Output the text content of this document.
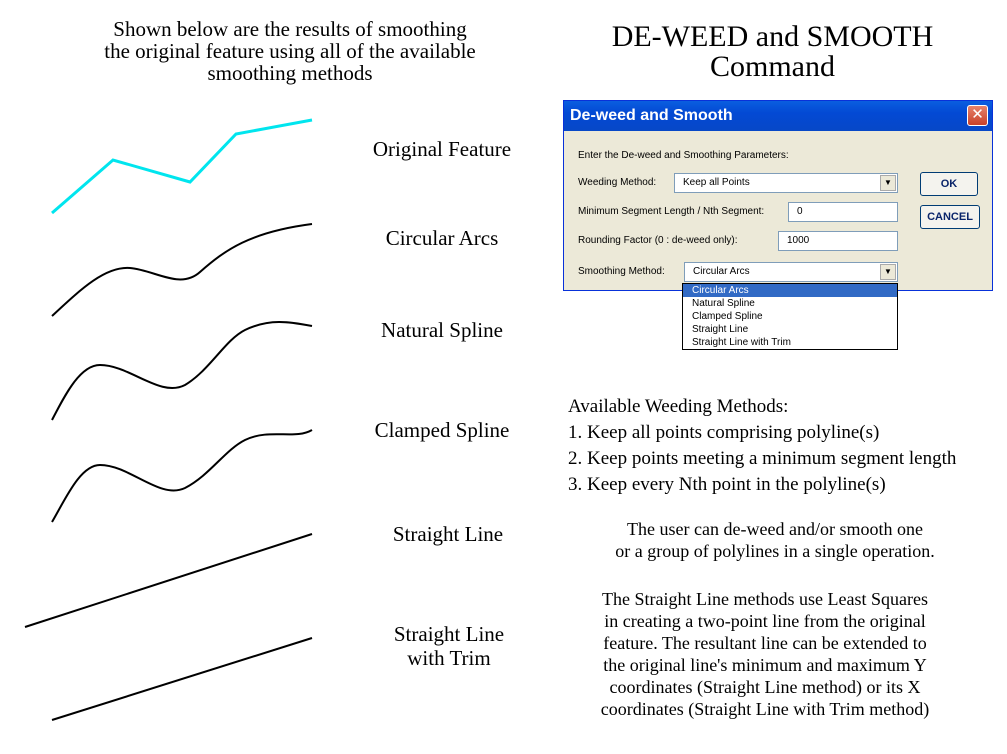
Shown below are the results of smoothing
the original feature using all of the available
smoothing methods
DE-WEED and SMOOTH
Command
Original Feature
Circular Arcs
Natural Spline
Clamped Spline
Straight Line
Straight Line
with Trim
De-weed and Smooth	✕
Enter the De-weed and Smoothing Parameters:
Weeding Method:	Keep all Points	▼
Minimum Segment Length / Nth Segment:	0
Rounding Factor (0 : de-weed only):	1000
Smoothing Method:	Circular Arcs	▼
OK
CANCEL
Circular Arcs
Natural Spline
Clamped Spline
Straight Line
Straight Line with Trim
Available Weeding Methods:
1. Keep all points comprising polyline(s)
2. Keep points meeting a minimum segment length
3. Keep every Nth point in the polyline(s)
The user can de-weed and/or smooth one
or a group of polylines in a single operation.
The Straight Line methods use Least Squares
in creating a two-point line from the original
feature. The resultant line can be extended to
the original line's minimum and maximum Y
coordinates (Straight Line method) or its X
coordinates (Straight Line with Trim method)
